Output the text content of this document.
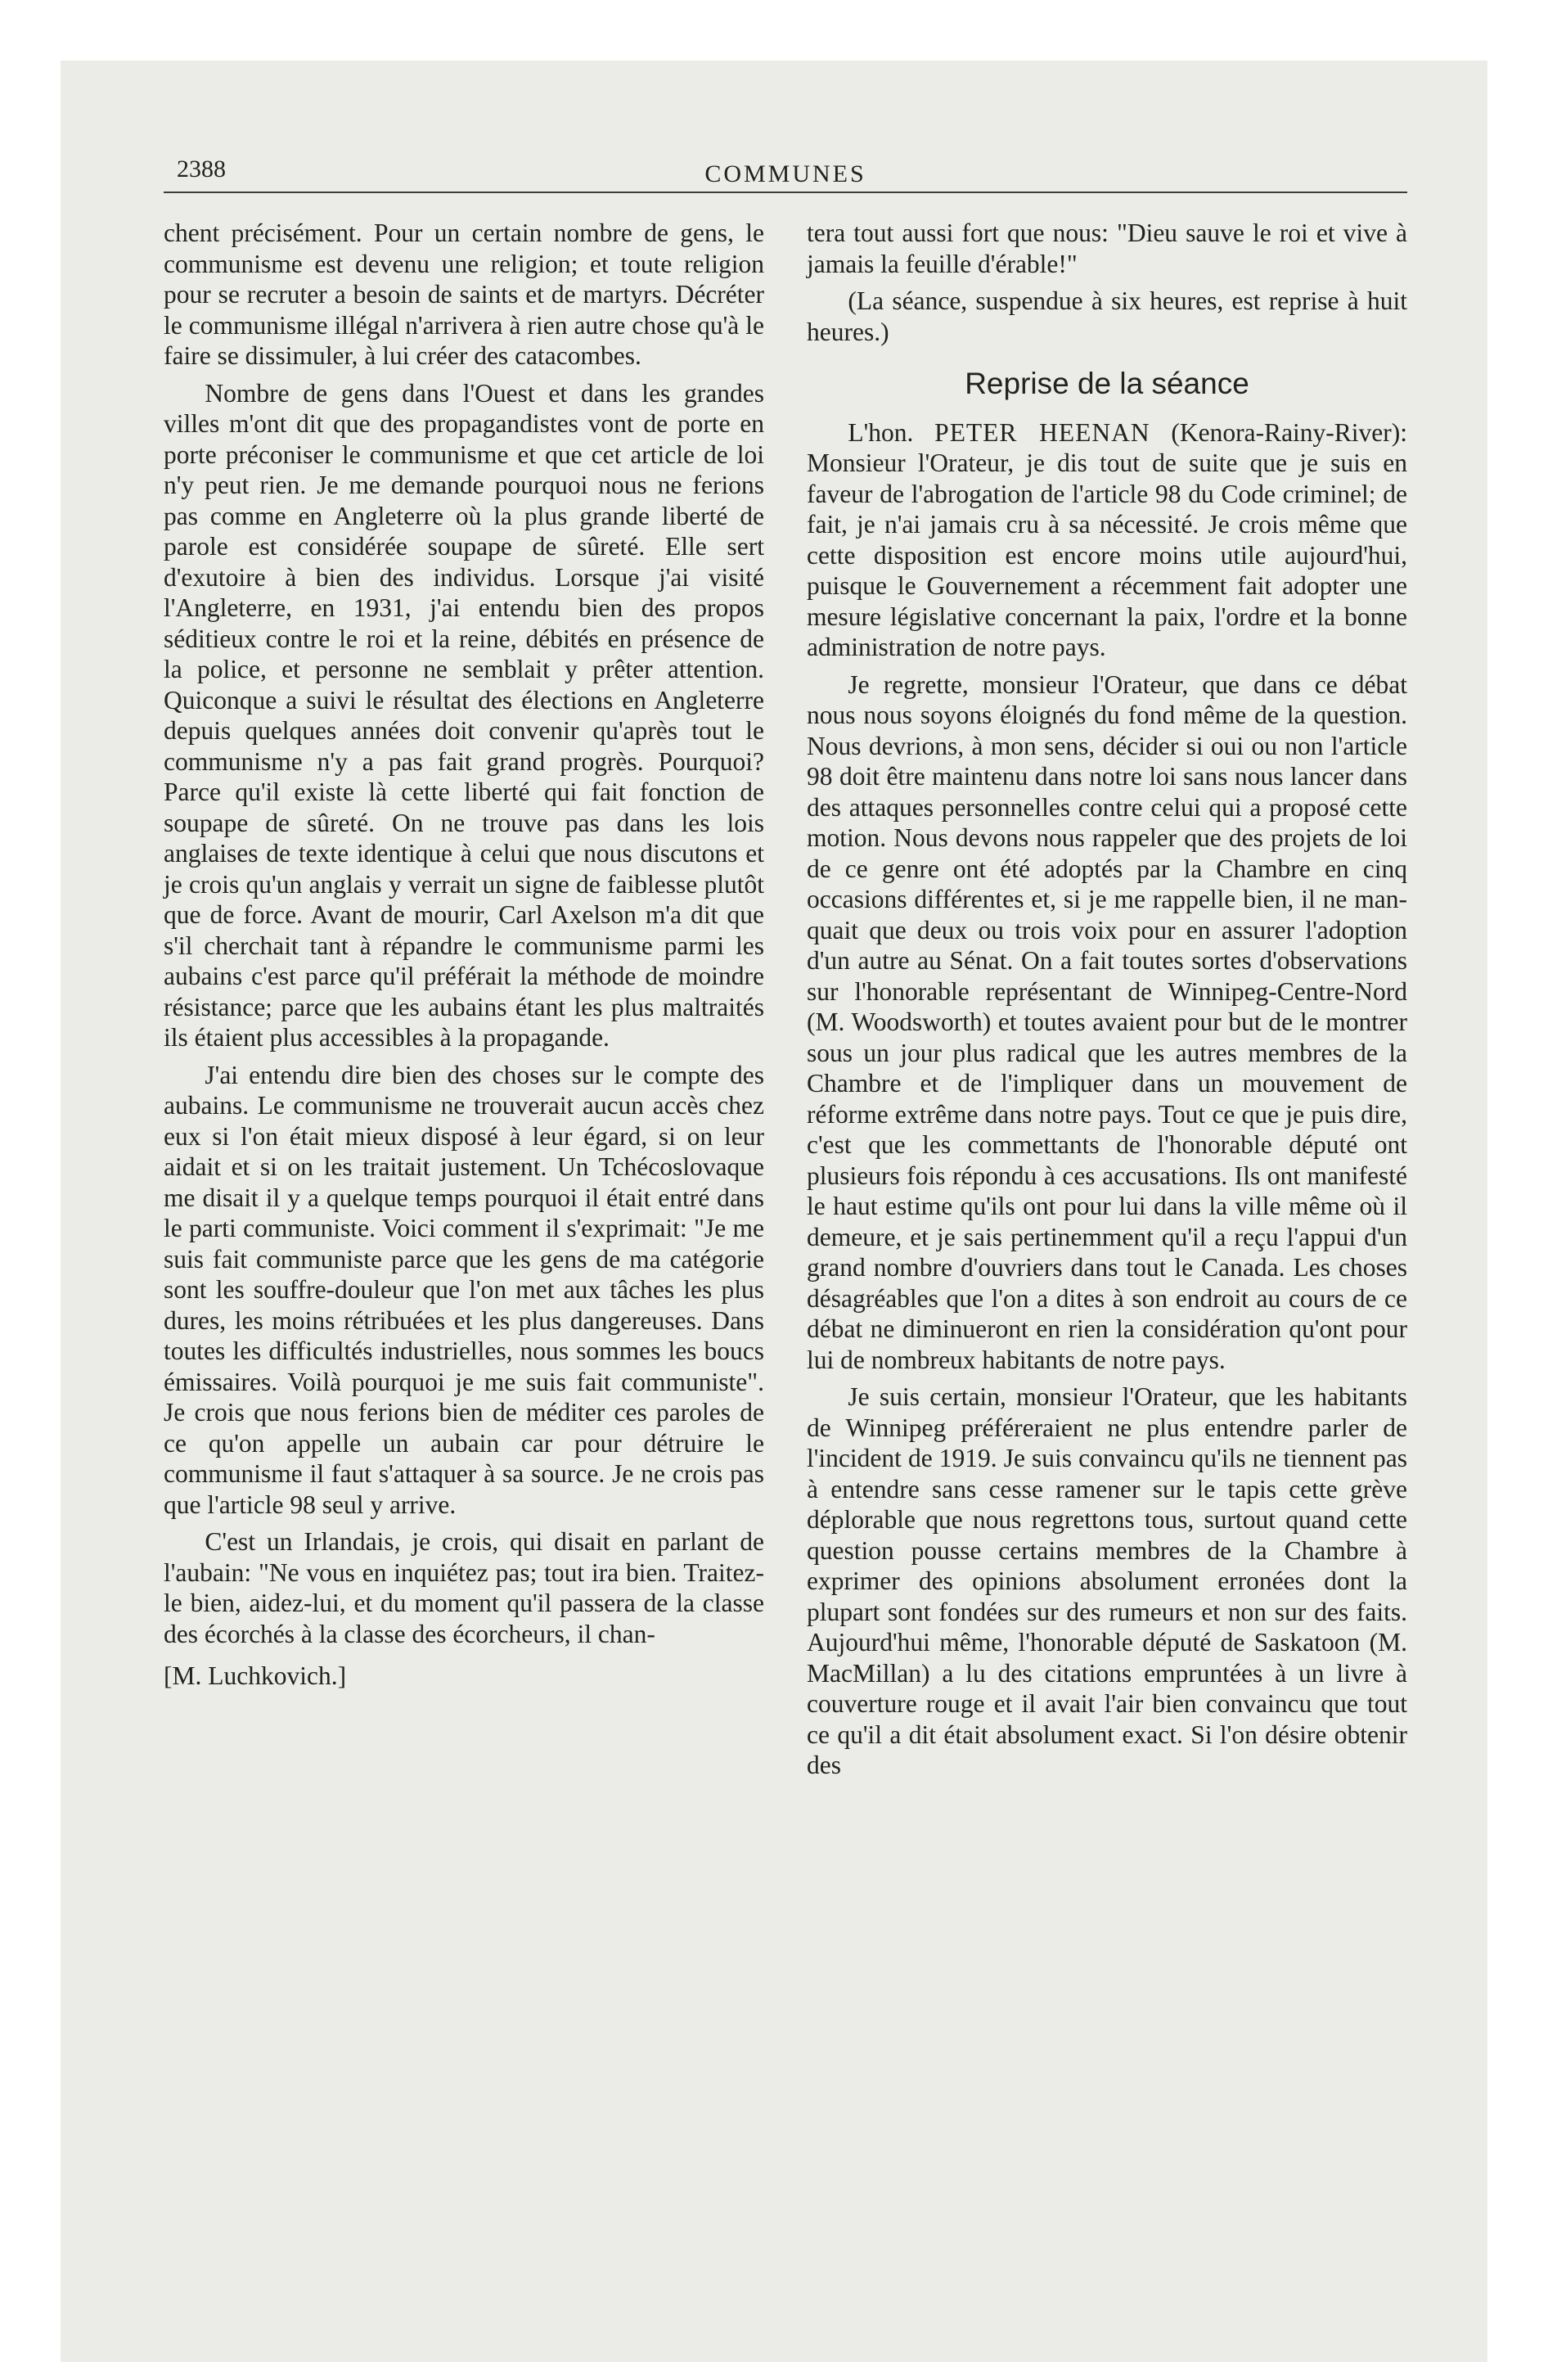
2388	COMMUNES

chent précisément. Pour un certain nombre de gens, le communisme est devenu une religion; et toute religion pour se recruter a besoin de saints et de martyrs. Décréter le communisme illégal n'arrivera à rien autre chose qu'à le faire se dissimuler, à lui créer des catacombes.

Nombre de gens dans l'Ouest et dans les grandes villes m'ont dit que des propagandistes vont de porte en porte préconiser le communisme et que cet article de loi n'y peut rien. Je me demande pourquoi nous ne ferions pas comme en Angleterre où la plus grande liberté de parole est considérée soupape de sûreté. Elle sert d'exutoire à bien des individus. Lorsque j'ai visité l'Angleterre, en 1931, j'ai entendu bien des propos séditieux contre le roi et la reine, débités en présence de la police, et personne ne semblait y prêter attention. Quiconque a suivi le résultat des élections en Angleterre depuis quelques années doit convenir qu'après tout le communisme n'y a pas fait grand progrès. Pourquoi? Parce qu'il existe là cette liberté qui fait fonction de soupape de sûreté. On ne trouve pas dans les lois anglaises de texte identique à celui que nous discutons et je crois qu'un anglais y verrait un signe de faiblesse plutôt que de force. Avant de mourir, Carl Axelson m'a dit que s'il cherchait tant à répandre le communisme parmi les aubains c'est parce qu'il préférait la méthode de moindre résistance; parce que les aubains étant les plus maltraités ils étaient plus accessibles à la propagande.

J'ai entendu dire bien des choses sur le compte des aubains. Le communisme ne trouverait aucun accès chez eux si l'on était mieux disposé à leur égard, si on leur aidait et si on les traitait justement. Un Tchécoslovaque me disait il y a quelque temps pourquoi il était entré dans le parti communiste. Voici comment il s'exprimait: "Je me suis fait communiste parce que les gens de ma catégorie sont les souffre-douleur que l'on met aux tâches les plus dures, les moins rétribuées et les plus dangereuses. Dans toutes les difficultés industrielles, nous sommes les boucs émissaires. Voilà pourquoi je me suis fait communiste". Je crois que nous ferions bien de méditer ces paroles de ce qu'on appelle un aubain car pour détruire le communisme il faut s'attaquer à sa source. Je ne crois pas que l'article 98 seul y arrive.

C'est un Irlandais, je crois, qui disait en parlant de l'aubain: "Ne vous en inquiétez pas; tout ira bien. Traitez-le bien, aidez-lui, et du moment qu'il passera de la classe des écorchés à la classe des écorcheurs, il chan-

[M. Luchkovich.]

tera tout aussi fort que nous: "Dieu sauve le roi et vive à jamais la feuille d'érable!"

(La séance, suspendue à six heures, est reprise à huit heures.)

Reprise de la séance

L'hon. PETER HEENAN (Kenora-Rainy-River): Monsieur l'Orateur, je dis tout de suite que je suis en faveur de l'abrogation de l'article 98 du Code criminel; de fait, je n'ai jamais cru à sa nécessité. Je crois même que cette disposition est encore moins utile aujourd'hui, puisque le Gouvernement a récemment fait adopter une mesure législative concernant la paix, l'ordre et la bonne administration de notre pays.

Je regrette, monsieur l'Orateur, que dans ce débat nous nous soyons éloignés du fond même de la question. Nous devrions, à mon sens, décider si oui ou non l'article 98 doit être maintenu dans notre loi sans nous lancer dans des attaques personnelles contre celui qui a proposé cette motion. Nous devons nous rappeler que des projets de loi de ce genre ont été adoptés par la Chambre en cinq occasions différentes et, si je me rappelle bien, il ne manquait que deux ou trois voix pour en assurer l'adoption d'un autre au Sénat. On a fait toutes sortes d'observations sur l'honorable représentant de Winnipeg-Centre-Nord (M. Woodsworth) et toutes avaient pour but de le montrer sous un jour plus radical que les autres membres de la Chambre et de l'impliquer dans un mouvement de réforme extrême dans notre pays. Tout ce que je puis dire, c'est que les commettants de l'honorable député ont plusieurs fois répondu à ces accusations. Ils ont manifesté le haut estime qu'ils ont pour lui dans la ville même où il demeure, et je sais pertinemment qu'il a reçu l'appui d'un grand nombre d'ouvriers dans tout le Canada. Les choses désagréables que l'on a dites à son endroit au cours de ce débat ne diminueront en rien la considération qu'ont pour lui de nombreux habitants de notre pays.

Je suis certain, monsieur l'Orateur, que les habitants de Winnipeg préféreraient ne plus entendre parler de l'incident de 1919. Je suis convaincu qu'ils ne tiennent pas à entendre sans cesse ramener sur le tapis cette grève déplorable que nous regrettons tous, surtout quand cette question pousse certains membres de la Chambre à exprimer des opinions absolument erronées dont la plupart sont fondées sur des rumeurs et non sur des faits. Aujourd'hui même, l'honorable député de Saskatoon (M. MacMillan) a lu des citations empruntées à un livre à couverture rouge et il avait l'air bien convaincu que tout ce qu'il a dit était absolument exact. Si l'on désire obtenir des
